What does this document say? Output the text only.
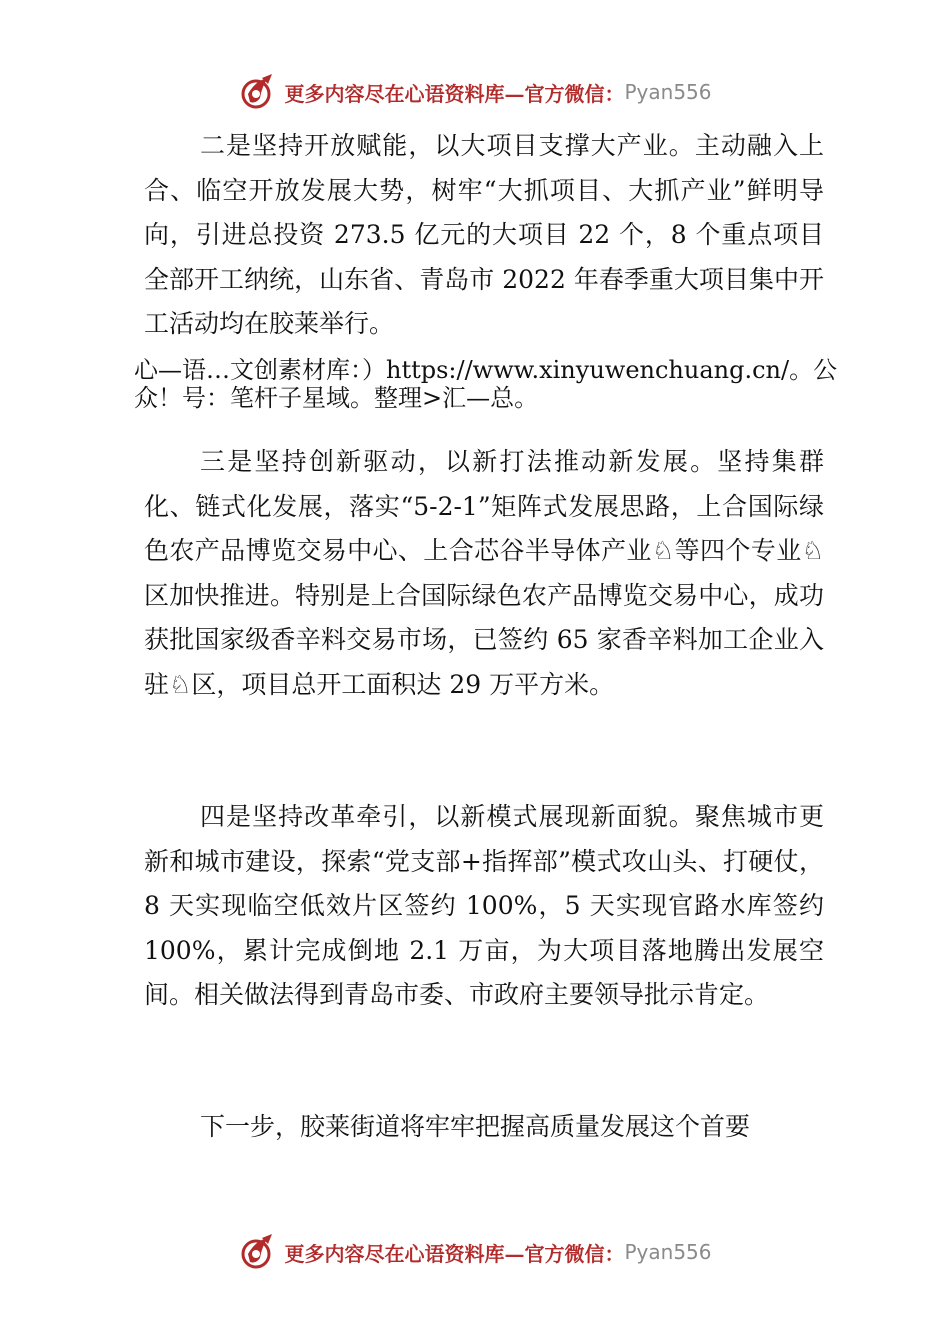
更多内容尽在心语资料库—官方微信： Pyan556

二是坚持开放赋能，以大项目支撑大产业。主动融入上合、临空开放发展大势，树牢“大抓项目、大抓产业”鲜明导向，引进总投资 273.5 亿元的大项目 22 个，8 个重点项目全部开工纳统，山东省、青岛市 2022 年春季重大项目集中开工活动均在胶莱举行。

心—语…文创素材库：）https://www.xinyuwenchuang.cn/。公众！号：笔杆子星域。整理>汇—总。

三是坚持创新驱动，以新打法推动新发展。坚持集群化、链式化发展，落实“5-2-1”矩阵式发展思路，上合国际绿色农产品博览交易中心、上合芯谷半导体产业♘等四个专业♘区加快推进。特别是上合国际绿色农产品博览交易中心，成功获批国家级香辛料交易市场，已签约 65 家香辛料加工企业入驻♘区，项目总开工面积达 29 万平方米。

四是坚持改革牵引，以新模式展现新面貌。聚焦城市更新和城市建设，探索“党支部+指挥部”模式攻山头、打硬仗，8 天实现临空低效片区签约 100%，5 天实现官路水库签约 100%，累计完成倒地 2.1 万亩，为大项目落地腾出发展空间。相关做法得到青岛市委、市政府主要领导批示肯定。

下一步，胶莱街道将牢牢把握高质量发展这个首要

更多内容尽在心语资料库—官方微信： Pyan556
